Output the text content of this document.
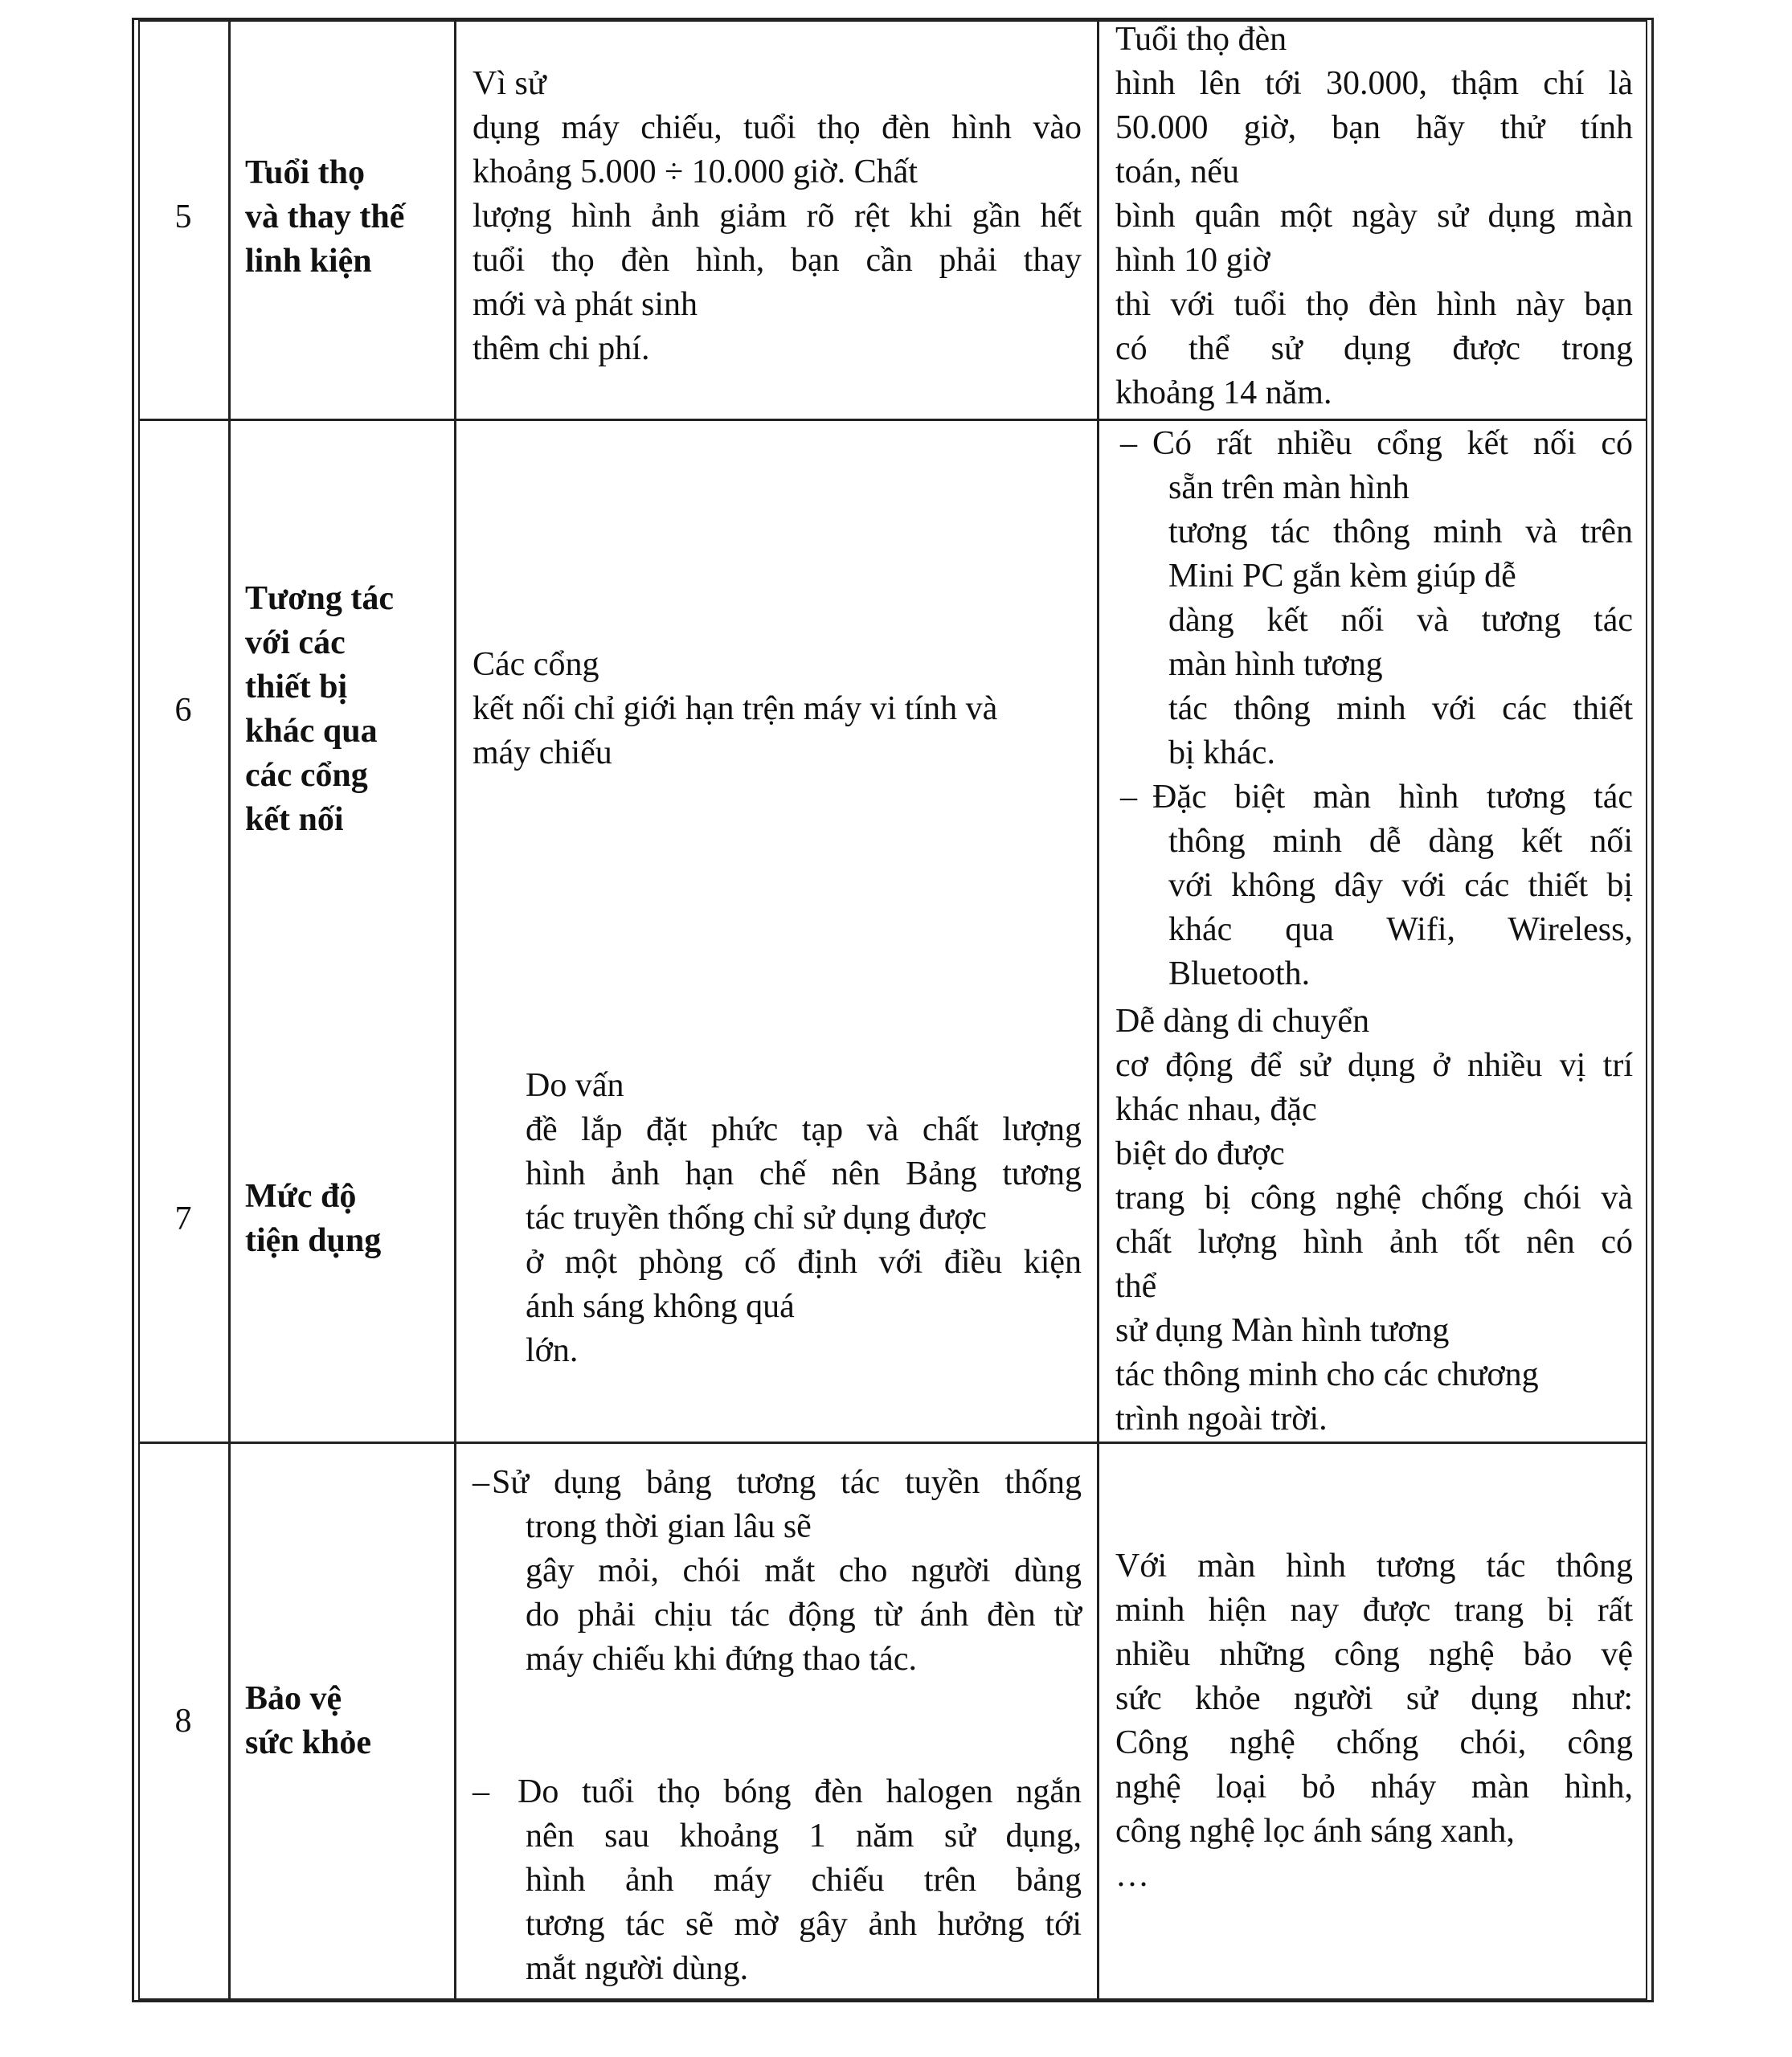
5
Tuổi thọ
và thay thế
linh kiện
Vì sử
dụng máy chiếu, tuổi thọ đèn hình vào
khoảng 5.000 ÷ 10.000 giờ. Chất
lượng hình ảnh giảm rõ rệt khi gần hết
tuổi thọ đèn hình, bạn cần phải thay
mới và phát sinh
thêm chi phí.
Tuổi thọ đèn
hình lên tới 30.000, thậm chí là
50.000 giờ, bạn hãy thử tính
toán, nếu
bình quân một ngày sử dụng màn
hình 10 giờ
thì với tuổi thọ đèn hình này bạn
có thể sử dụng được trong
khoảng 14 năm.
6
Tương tác
với các
thiết bị
khác qua
các cổng
kết nối
Các cổng
kết nối chỉ giới hạn trện máy vi tính và
máy chiếu
– Có rất nhiều cổng kết nối có
sẵn trên màn hình
tương tác thông minh và trên
Mini PC gắn kèm giúp dễ
dàng kết nối và tương tác
màn hình tương
tác thông minh với các thiết
bị khác.
– Đặc biệt màn hình tương tác
thông minh dễ dàng kết nối
với không dây với các thiết bị
khác qua Wifi, Wireless,
Bluetooth.
7
Mức độ
tiện dụng
Do vấn
đề lắp đặt phức tạp và chất lượng
hình ảnh hạn chế nên Bảng tương
tác truyền thống chỉ sử dụng được
ở một phòng cố định với điều kiện
ánh sáng không quá
lớn.
Dễ dàng di chuyển
cơ động để sử dụng ở nhiều vị trí
khác nhau, đặc
biệt do được
trang bị công nghệ chống chói và
chất lượng hình ảnh tốt nên có
thể
sử dụng Màn hình tương
tác thông minh cho các chương
trình ngoài trời.
8
Bảo vệ
sức khỏe
– Sử dụng bảng tương tác tuyền thống
trong thời gian lâu sẽ
gây mỏi, chói mắt cho người dùng
do phải chịu tác động từ ánh đèn từ
máy chiếu khi đứng thao tác.
– Do tuổi thọ bóng đèn halogen ngắn
nên sau khoảng 1 năm sử dụng,
hình ảnh máy chiếu trên bảng
tương tác sẽ mờ gây ảnh hưởng tới
mắt người dùng.
Với màn hình tương tác thông
minh hiện nay được trang bị rất
nhiều những công nghệ bảo vệ
sức khỏe người sử dụng như:
Công nghệ chống chói, công
nghệ loại bỏ nháy màn hình,
công nghệ lọc ánh sáng xanh,
…
